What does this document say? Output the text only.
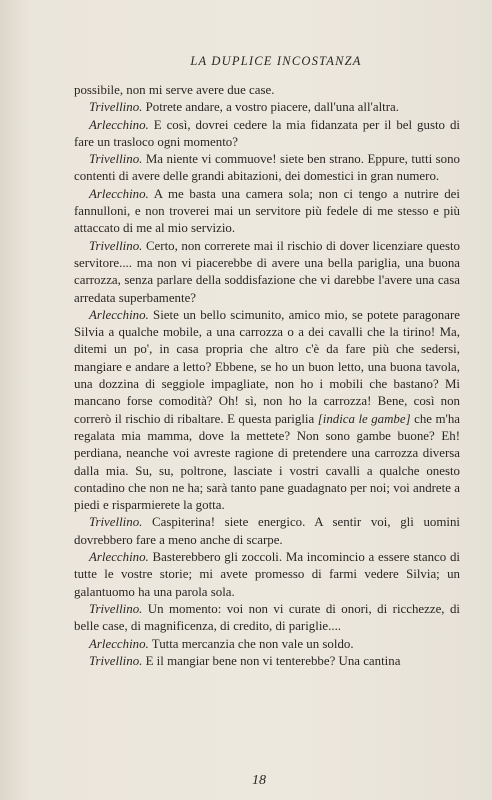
LA DUPLICE INCOSTANZA

possibile, non mi serve avere due case.

Trivellino. Potrete andare, a vostro piacere, dall'una all'altra.

Arlecchino. E così, dovrei cedere la mia fidanzata per il bel gusto di fare un trasloco ogni momento?

Trivellino. Ma niente vi commuove! siete ben strano. Eppure, tutti sono contenti di avere delle grandi abitazioni, dei domestici in gran numero.

Arlecchino. A me basta una camera sola; non ci tengo a nutrire dei fannulloni, e non troverei mai un servitore più fedele di me stesso e più attaccato di me al mio servizio.

Trivellino. Certo, non correrete mai il rischio di dover licenziare questo servitore.... ma non vi piacerebbe di avere una bella pariglia, una buona carrozza, senza parlare della soddisfazione che vi darebbe l'avere una casa arredata superbamente?

Arlecchino. Siete un bello scimunito, amico mio, se potete paragonare Silvia a qualche mobile, a una carrozza o a dei cavalli che la tirino! Ma, ditemi un po', in casa propria che altro c'è da fare più che sedersi, mangiare e andare a letto? Ebbene, se ho un buon letto, una buona tavola, una dozzina di seggiole impagliate, non ho i mobili che bastano? Mi mancano forse comodità? Oh! sì, non ho la carrozza! Bene, così non correrò il rischio di ribaltare. E questa pariglia [indica le gambe] che m'ha regalata mia mamma, dove la mettete? Non sono gambe buone? Eh! perdiana, neanche voi avreste ragione di pretendere una carrozza diversa dalla mia. Su, su, poltrone, lasciate i vostri cavalli a qualche onesto contadino che non ne ha; sarà tanto pane guadagnato per noi; voi andrete a piedi e risparmierete la gotta.

Trivellino. Caspiterina! siete energico. A sentir voi, gli uomini dovrebbero fare a meno anche di scarpe.

Arlecchino. Basterebbero gli zoccoli. Ma incomincio a essere stanco di tutte le vostre storie; mi avete promesso di farmi vedere Silvia; un galantuomo ha una parola sola.

Trivellino. Un momento: voi non vi curate di onori, di ricchezze, di belle case, di magnificenza, di credito, di pariglie....

Arlecchino. Tutta mercanzia che non vale un soldo.

Trivellino. E il mangiar bene non vi tenterebbe? Una cantina

18
